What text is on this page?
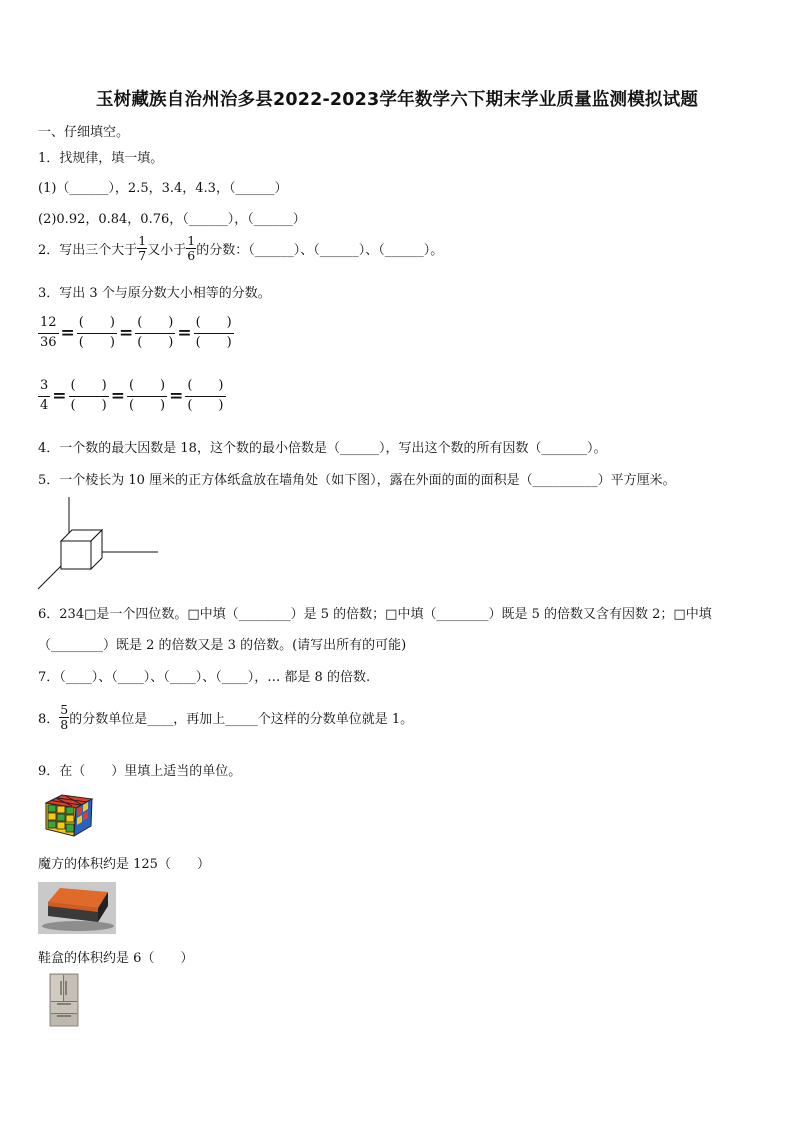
玉树藏族自治州治多县2022-2023学年数学六下期末学业质量监测模拟试题
一、仔细填空。
1．找规律，填一填。
(1)（______），2.5，3.4，4.3，（______）
(2)0.92，0.84，0.76，（______），（______）
2．写出三个大于 $\frac{1}{7}$ 又小于 $\frac{1}{6}$ 的分数：（______）、（______）、（______）。
3．写出 3 个与原分数大小相等的分数。
$\frac{12}{36}$ =
(　　)
(　　) =
(　　)
(　　) =
(　　)
(　　)
$\frac{3}{4}$ =
(　　)
(　　) =
(　　)
(　　) =
(　　)
(　　)
4．一个数的最大因数是 18，这个数的最小倍数是（______），写出这个数的所有因数（_______）。
5．一个棱长为 10 厘米的正方体纸盒放在墙角处（如下图），露在外面的面的面积是（__________）平方厘米。
6．234□是一个四位数。□中填（________）是 5 的倍数；□中填（________）既是 5 的倍数又含有因数 2；□中填
（________）既是 2 的倍数又是 3 的倍数。(请写出所有的可能)
7．（____）、（____）、（____）、（____），… 都是 8 的倍数.
8． $\frac{5}{8}$ 的分数单位是____，再加上_____个这样的分数单位就是 1。
9．在（　　）里填上适当的单位。
魔方的体积约是 125（　　）
鞋盒的体积约是 6（　　）
